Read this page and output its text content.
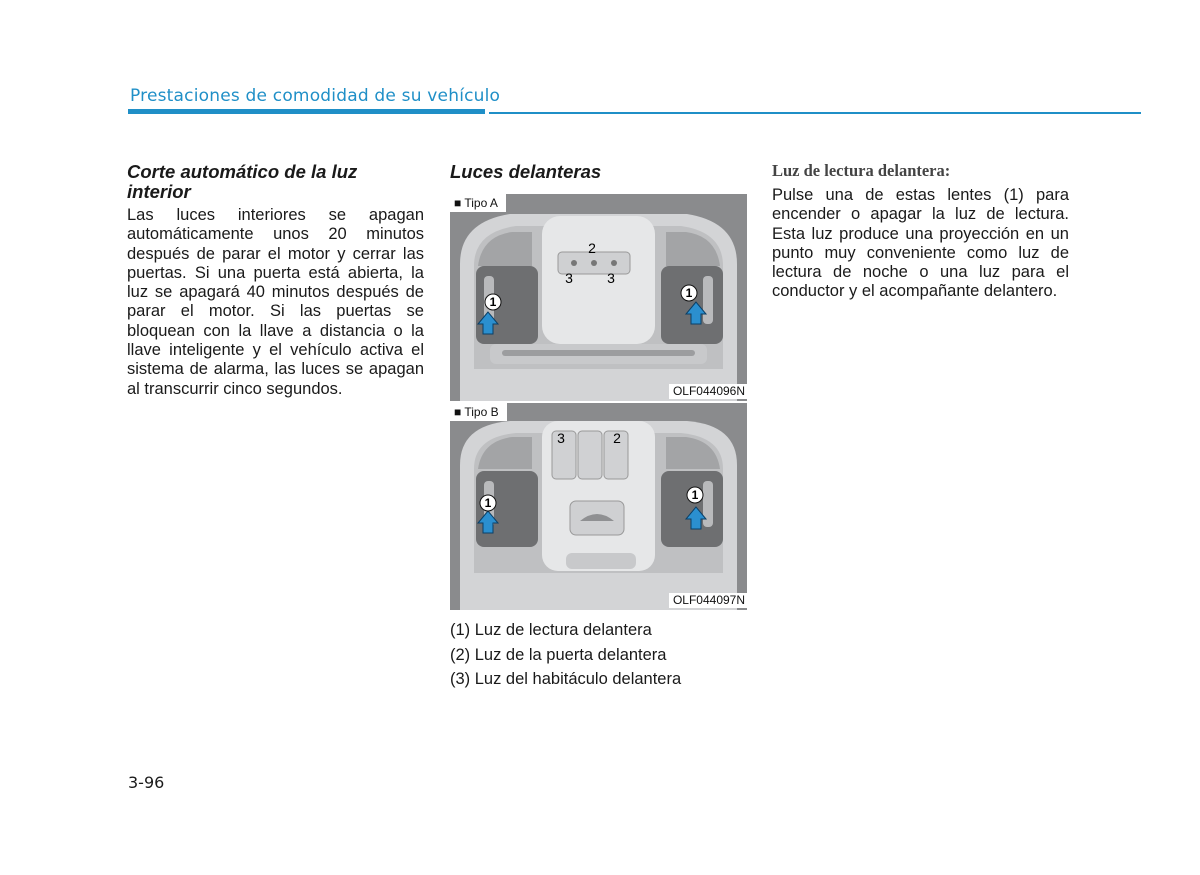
Prestaciones de comodidad de su vehículo
Corte automático de la luz interior

Las luces interiores se apagan automáticamente unos 20 minutos después de parar el motor y cerrar las puertas. Si una puerta está abierta, la luz se apagará 40 minutos después de parar el motor. Si las puertas se bloquean con la llave a distancia o la llave inteligente y el vehículo activa el sistema de alarma, las luces se apagan al transcurrir cinco segundos.

Luces delanteras
1
1
2
3 3
■ Tipo A
OLF044096N
1
1
2
3
■ Tipo B
OLF044097N
(1) Luz de lectura delantera
(2) Luz de la puerta delantera
(3) Luz del habitáculo delantera
Luz de lectura delantera:

Pulse una de estas lentes (1) para encender o apagar la luz de lectura. Esta luz produce una proyección en un punto muy conveniente como luz de lectura de noche o una luz para el conductor y el acompañante delantero.

3-96
